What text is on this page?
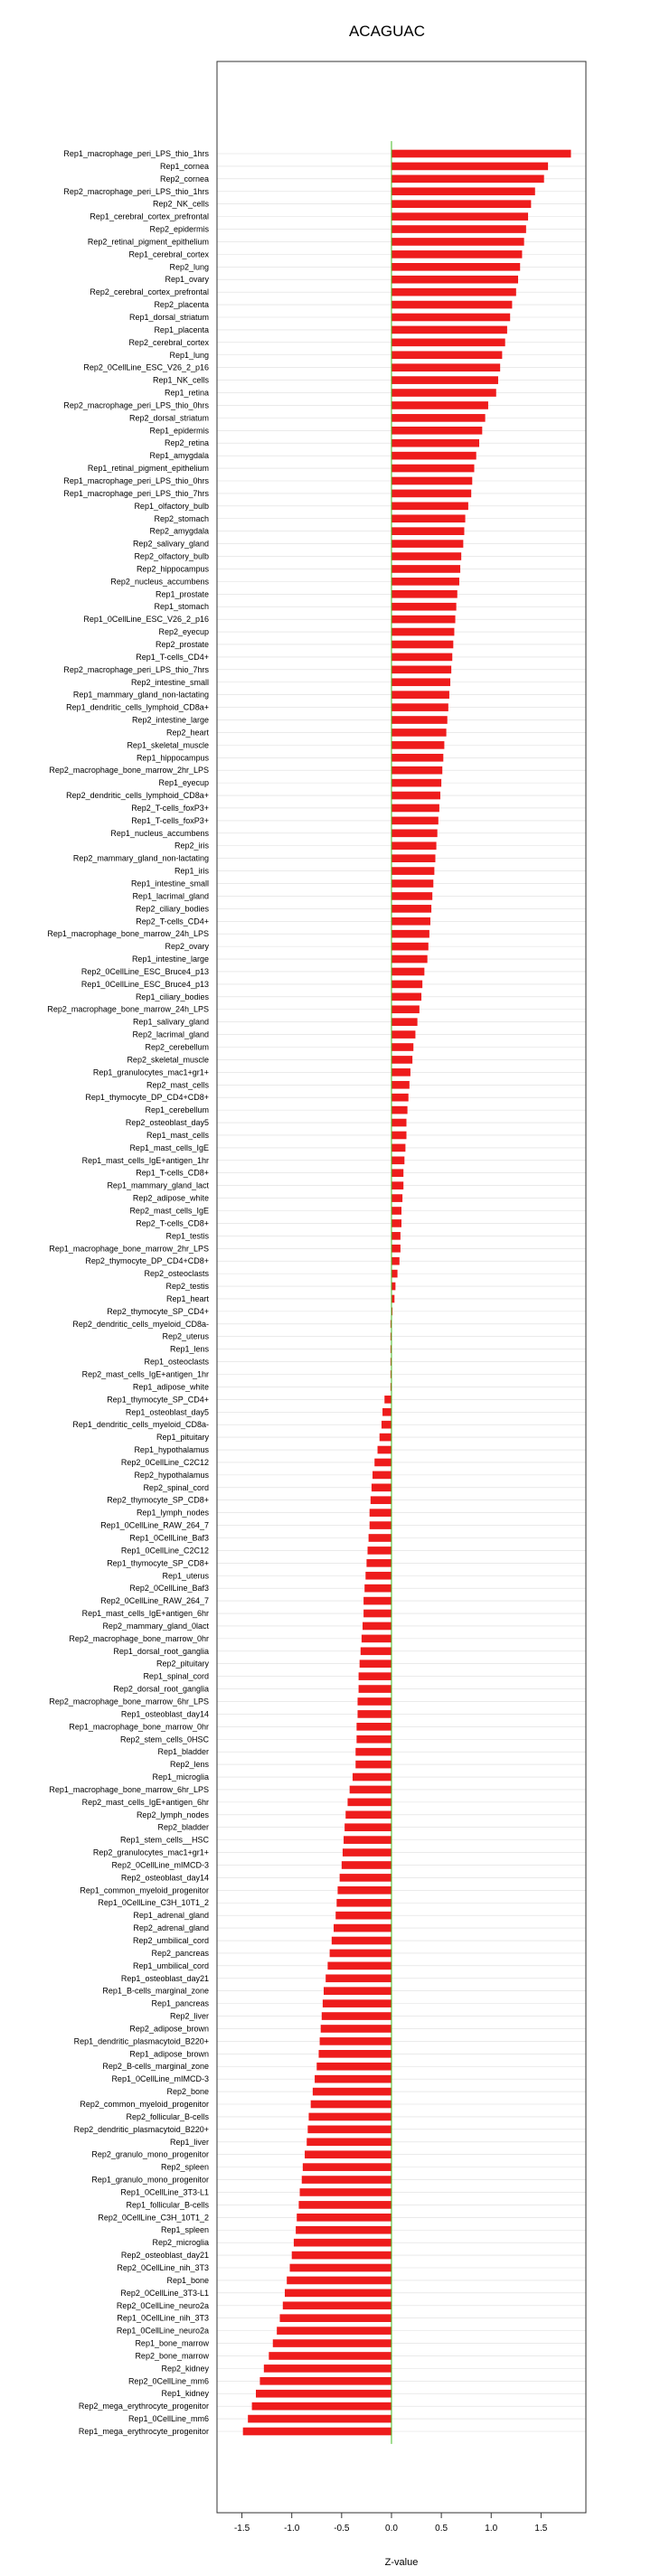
ACAGUAC
Rep1_macrophage_peri_LPS_thio_1hrs
Rep1_cornea
Rep2_cornea
Rep2_macrophage_peri_LPS_thio_1hrs
Rep2_NK_cells
Rep1_cerebral_cortex_prefrontal
Rep2_epidermis
Rep2_retinal_pigment_epithelium
Rep1_cerebral_cortex
Rep2_lung
Rep1_ovary
Rep2_cerebral_cortex_prefrontal
Rep2_placenta
Rep1_dorsal_striatum
Rep1_placenta
Rep2_cerebral_cortex
Rep1_lung
Rep2_0CellLine_ESC_V26_2_p16
Rep1_NK_cells
Rep1_retina
Rep2_macrophage_peri_LPS_thio_0hrs
Rep2_dorsal_striatum
Rep1_epidermis
Rep2_retina
Rep1_amygdala
Rep1_retinal_pigment_epithelium
Rep1_macrophage_peri_LPS_thio_0hrs
Rep1_macrophage_peri_LPS_thio_7hrs
Rep1_olfactory_bulb
Rep2_stomach
Rep2_amygdala
Rep2_salivary_gland
Rep2_olfactory_bulb
Rep2_hippocampus
Rep2_nucleus_accumbens
Rep1_prostate
Rep1_stomach
Rep1_0CellLine_ESC_V26_2_p16
Rep2_eyecup
Rep2_prostate
Rep1_T-cells_CD4+
Rep2_macrophage_peri_LPS_thio_7hrs
Rep2_intestine_small
Rep1_mammary_gland_non-lactating
Rep1_dendritic_cells_lymphoid_CD8a+
Rep2_intestine_large
Rep2_heart
Rep1_skeletal_muscle
Rep1_hippocampus
Rep2_macrophage_bone_marrow_2hr_LPS
Rep1_eyecup
Rep2_dendritic_cells_lymphoid_CD8a+
Rep2_T-cells_foxP3+
Rep1_T-cells_foxP3+
Rep1_nucleus_accumbens
Rep2_iris
Rep2_mammary_gland_non-lactating
Rep1_iris
Rep1_intestine_small
Rep1_lacrimal_gland
Rep2_ciliary_bodies
Rep2_T-cells_CD4+
Rep1_macrophage_bone_marrow_24h_LPS
Rep2_ovary
Rep1_intestine_large
Rep2_0CellLine_ESC_Bruce4_p13
Rep1_0CellLine_ESC_Bruce4_p13
Rep1_ciliary_bodies
Rep2_macrophage_bone_marrow_24h_LPS
Rep1_salivary_gland
Rep2_lacrimal_gland
Rep2_cerebellum
Rep2_skeletal_muscle
Rep1_granulocytes_mac1+gr1+
Rep2_mast_cells
Rep1_thymocyte_DP_CD4+CD8+
Rep1_cerebellum
Rep2_osteoblast_day5
Rep1_mast_cells
Rep1_mast_cells_IgE
Rep1_mast_cells_IgE+antigen_1hr
Rep1_T-cells_CD8+
Rep1_mammary_gland_lact
Rep2_adipose_white
Rep2_mast_cells_IgE
Rep2_T-cells_CD8+
Rep1_testis
Rep1_macrophage_bone_marrow_2hr_LPS
Rep2_thymocyte_DP_CD4+CD8+
Rep2_osteoclasts
Rep2_testis
Rep1_heart
Rep2_thymocyte_SP_CD4+
Rep2_dendritic_cells_myeloid_CD8a-
Rep2_uterus
Rep1_lens
Rep1_osteoclasts
Rep2_mast_cells_IgE+antigen_1hr
Rep1_adipose_white
Rep1_thymocyte_SP_CD4+
Rep1_osteoblast_day5
Rep1_dendritic_cells_myeloid_CD8a-
Rep1_pituitary
Rep1_hypothalamus
Rep2_0CellLine_C2C12
Rep2_hypothalamus
Rep2_spinal_cord
Rep2_thymocyte_SP_CD8+
Rep1_lymph_nodes
Rep1_0CellLine_RAW_264_7
Rep1_0CellLine_Baf3
Rep1_0CellLine_C2C12
Rep1_thymocyte_SP_CD8+
Rep1_uterus
Rep2_0CellLine_Baf3
Rep2_0CellLine_RAW_264_7
Rep1_mast_cells_IgE+antigen_6hr
Rep2_mammary_gland_0lact
Rep2_macrophage_bone_marrow_0hr
Rep1_dorsal_root_ganglia
Rep2_pituitary
Rep1_spinal_cord
Rep2_dorsal_root_ganglia
Rep2_macrophage_bone_marrow_6hr_LPS
Rep1_osteoblast_day14
Rep1_macrophage_bone_marrow_0hr
Rep2_stem_cells_0HSC
Rep1_bladder
Rep2_lens
Rep1_microglia
Rep1_macrophage_bone_marrow_6hr_LPS
Rep2_mast_cells_IgE+antigen_6hr
Rep2_lymph_nodes
Rep2_bladder
Rep1_stem_cells__HSC
Rep2_granulocytes_mac1+gr1+
Rep2_0CellLine_mIMCD-3
Rep2_osteoblast_day14
Rep1_common_myeloid_progenitor
Rep1_0CellLine_C3H_10T1_2
Rep1_adrenal_gland
Rep2_adrenal_gland
Rep2_umbilical_cord
Rep2_pancreas
Rep1_umbilical_cord
Rep1_osteoblast_day21
Rep1_B-cells_marginal_zone
Rep1_pancreas
Rep2_liver
Rep2_adipose_brown
Rep1_dendritic_plasmacytoid_B220+
Rep1_adipose_brown
Rep2_B-cells_marginal_zone
Rep1_0CellLine_mIMCD-3
Rep2_bone
Rep2_common_myeloid_progenitor
Rep2_follicular_B-cells
Rep2_dendritic_plasmacytoid_B220+
Rep1_liver
Rep2_granulo_mono_progenitor
Rep2_spleen
Rep1_granulo_mono_progenitor
Rep1_0CellLine_3T3-L1
Rep1_follicular_B-cells
Rep2_0CellLine_C3H_10T1_2
Rep1_spleen
Rep2_microglia
Rep2_osteoblast_day21
Rep2_0CellLine_nih_3T3
Rep1_bone
Rep2_0CellLine_3T3-L1
Rep2_0CellLine_neuro2a
Rep1_0CellLine_nih_3T3
Rep1_0CellLine_neuro2a
Rep1_bone_marrow
Rep2_bone_marrow
Rep2_kidney
Rep2_0CellLine_mm6
Rep1_kidney
Rep2_mega_erythrocyte_progenitor
Rep1_0CellLine_mm6
Rep1_mega_erythrocyte_progenitor
-1.5	-1.0	-0.5	0.0	0.5	1.0	1.5
Z-value
